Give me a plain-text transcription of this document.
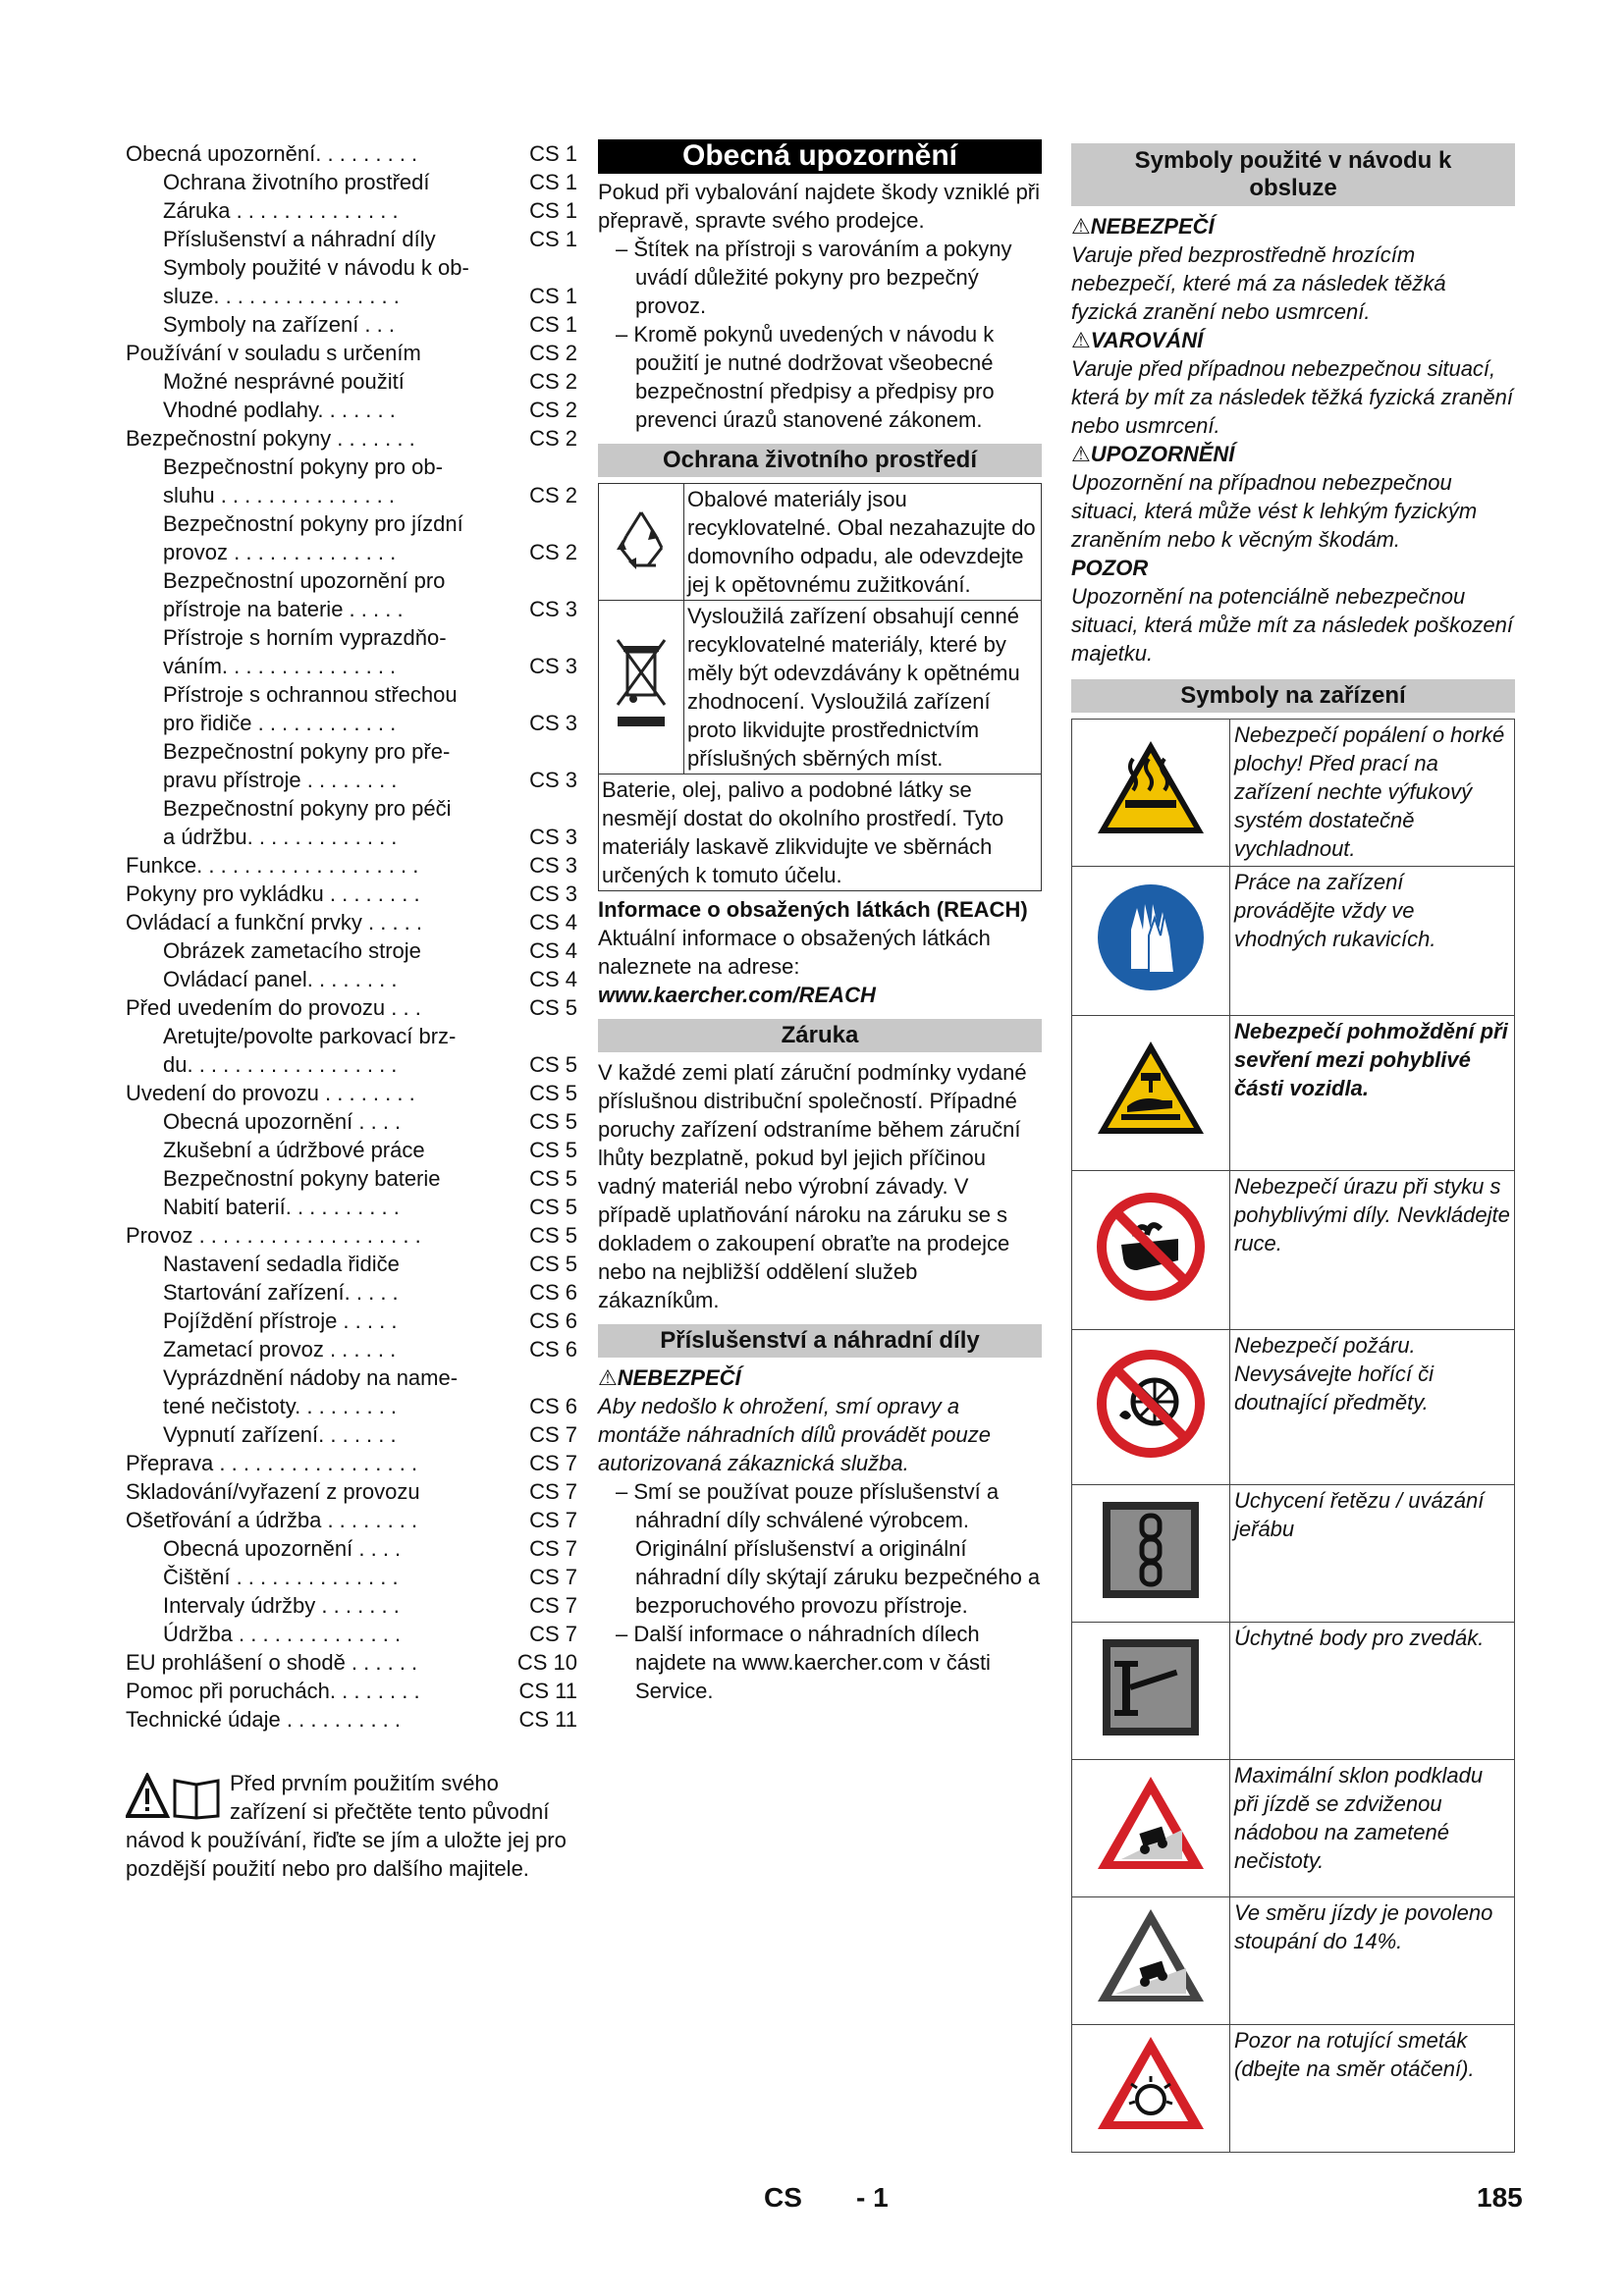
Obecná upozornění. . . . . . . . .	CS 1
Ochrana životního prostředí	CS 1
Záruka . . . . . . . . . . . . . .	CS 1
Příslušenství a náhradní díly	CS 1
Symboly použité v návodu k ob-
sluze. . . . . . . . . . . . . . . .	CS 1
Symboly na zařízení . . .	CS 1
Používání v souladu s určením	CS 2
Možné nesprávné použití	CS 2
Vhodné podlahy. . . . . . .	CS 2
Bezpečnostní pokyny . . . . . . .	CS 2
Bezpečnostní pokyny pro ob-
sluhu . . . . . . . . . . . . . . .	CS 2
Bezpečnostní pokyny pro jízdní
provoz . . . . . . . . . . . . . .	CS 2
Bezpečnostní upozornění pro
přístroje na baterie . . . . .	CS 3
Přístroje s horním vyprazdňo-
váním. . . . . . . . . . . . . . .	CS 3
Přístroje s ochrannou střechou
pro řidiče . . . . . . . . . . . .	CS 3
Bezpečnostní pokyny pro pře-
pravu přístroje . . . . . . . .	CS 3
Bezpečnostní pokyny pro péči
a údržbu. . . . . . . . . . . . .	CS 3
Funkce. . . . . . . . . . . . . . . . . . .	CS 3
Pokyny pro vykládku . . . . . . . .	CS 3
Ovládací a funkční prvky . . . . .	CS 4
Obrázek zametacího stroje	CS 4
Ovládací panel. . . . . . . .	CS 4
Před uvedením do provozu . . .	CS 5
Aretujte/povolte parkovací brz-
du. . . . . . . . . . . . . . . . . .	CS 5
Uvedení do provozu . . . . . . . .	CS 5
Obecná upozornění . . . .	CS 5
Zkušební a údržbové práce	CS 5
Bezpečnostní pokyny baterie	CS 5
Nabití baterií. . . . . . . . . .	CS 5
Provoz . . . . . . . . . . . . . . . . . . .	CS 5
Nastavení sedadla řidiče	CS 5
Startování zařízení. . . . .	CS 6
Pojíždění přístroje . . . . .	CS 6
Zametací provoz . . . . . .	CS 6
Vyprázdnění nádoby na name-
tené nečistoty. . . . . . . . .	CS 6
Vypnutí zařízení. . . . . . .	CS 7
Přeprava . . . . . . . . . . . . . . . . .	CS 7
Skladování/vyřazení z provozu	CS 7
Ošetřování a údržba . . . . . . . .	CS 7
Obecná upozornění . . . .	CS 7
Čištění . . . . . . . . . . . . . .	CS 7
Intervaly údržby . . . . . . .	CS 7
Údržba . . . . . . . . . . . . . .	CS 7
EU prohlášení o shodě . . . . . .	CS 10
Pomoc při poruchách. . . . . . . .	CS 11
Technické údaje . . . . . . . . . .	CS 11
Před prvním použitím svého zařízení si přečtěte tento původní návod k používání, řiďte se jím a uložte jej pro pozdější použití nebo pro dalšího majitele.
Obecná upozornění

Pokud při vybalování najdete škody vzniklé při přepravě, spravte svého prodejce.

– Štítek na přístroji s varováním a pokyny uvádí důležité pokyny pro bezpečný provoz.
– Kromě pokynů uvedených v návodu k použití je nutné dodržovat všeobecné bezpečnostní předpisy a předpisy pro prevenci úrazů stanovené zákonem.
Ochrana životního prostředí
	Obalové materiály jsou recyklovatelné. Obal nezahazujte do domovního odpadu, ale odevzdejte jej k opětovnému zužitkování.
	Vysloužilá zařízení obsahují cenné recyklovatelné materiály, které by měly být odevzdávány k opětnému zhodnocení. Vysloužilá zařízení proto likvidujte prostřednictvím příslušných sběrných míst.
Baterie, olej, palivo a podobné látky se nesmějí dostat do okolního prostředí. Tyto materiály laskavě zlikvidujte ve sběrnách určených k tomuto účelu.	
Informace o obsažených látkách (REACH)

Aktuální informace o obsažených látkách naleznete na adrese:

www.kaercher.com/REACH

Záruka

V každé zemi platí záruční podmínky vydané příslušnou distribuční společností. Případné poruchy zařízení odstraníme během záruční lhůty bezplatně, pokud byl jejich příčinou vadný materiál nebo výrobní závady. V případě uplatňování nároku na záruku se s dokladem o zakoupení obraťte na prodejce nebo na nejbližší oddělení služeb zákazníkům.

Příslušenství a náhradní díly

⚠NEBEZPEČÍ

Aby nedošlo k ohrožení, smí opravy a montáže náhradních dílů provádět pouze autorizovaná zákaznická služba.

– Smí se používat pouze příslušenství a náhradní díly schválené výrobcem. Originální příslušenství a originální náhradní díly skýtají záruku bezpečného a bezporuchového provozu přístroje.
– Další informace o náhradních dílech najdete na www.kaercher.com v části Service.
Symboly použité v návodu k obsluze
⚠NEBEZPEČÍ
Varuje před bezprostředně hrozícím nebezpečí, které má za následek těžká fyzická zranění nebo usmrcení.
⚠VAROVÁNÍ
Varuje před případnou nebezpečnou situací, která by mít za následek těžká fyzická zranění nebo usmrcení.
⚠UPOZORNĚNÍ
Upozornění na případnou nebezpečnou situaci, která může vést k lehkým fyzickým zraněním nebo k věcným škodám.
POZOR
Upozornění na potenciálně nebezpečnou situaci, která může mít za následek poškození majetku.
Symboly na zařízení
	Nebezpečí popálení o horké plochy! Před prací na zařízení nechte výfukový systém dostatečně vychladnout.
	Práce na zařízení provádějte vždy ve vhodných rukavicích.
	Nebezpečí pohmoždění při sevření mezi pohyblivé části vozidla.
	Nebezpečí úrazu při styku s pohyblivými díly. Nevkládejte ruce.
	Nebezpečí požáru. Nevysávejte hořící či doutnající předměty.
	Uchycení řetězu / uvázání jeřábu
	Úchytné body pro zvedák.
	Maximální sklon podkladu při jízdě se zdviženou nádobou na zametené nečistoty.
	Ve směru jízdy je povoleno stoupání do 14%.
	Pozor na rotující smeták (dbejte na směr otáčení).
CS - 1	185
